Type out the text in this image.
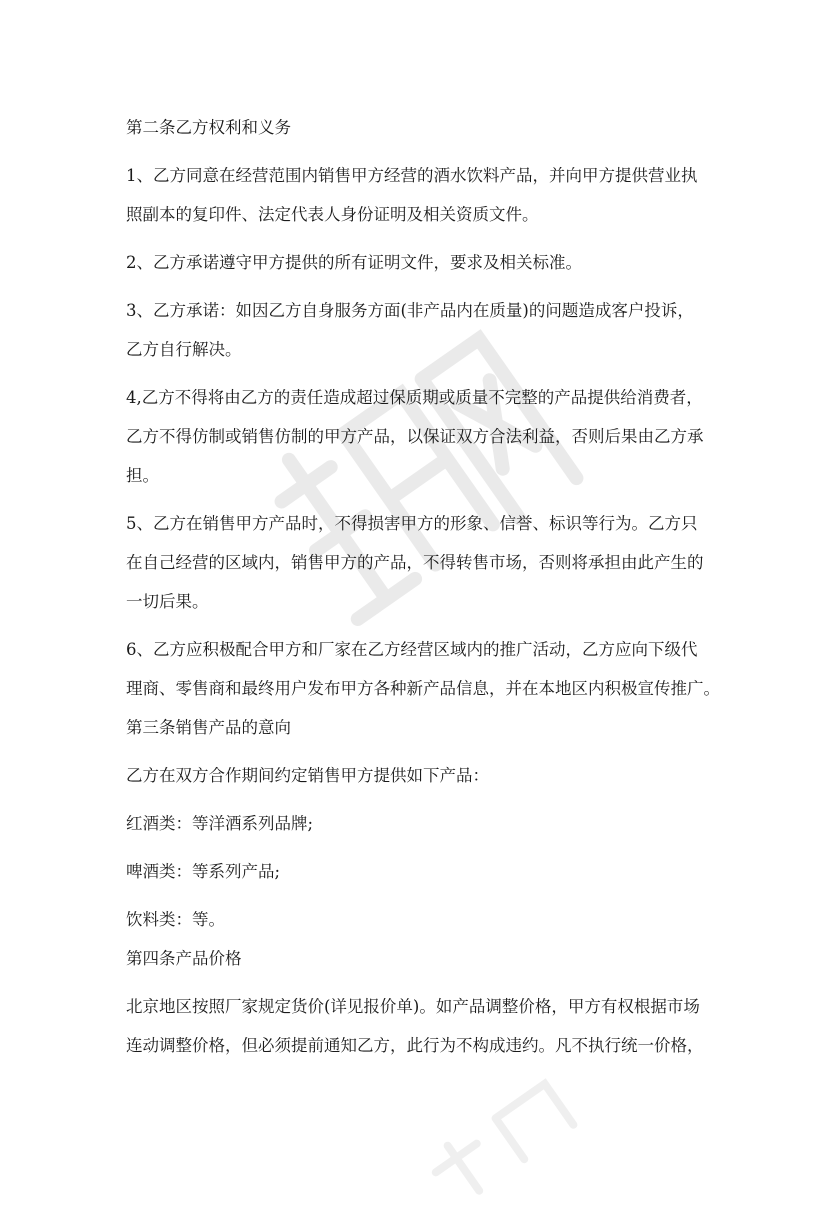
第二条乙方权利和义务
1、乙方同意在经营范围内销售甲方经营的酒水饮料产品，并向甲方提供营业执
照副本的复印件、法定代表人身份证明及相关资质文件。
2、乙方承诺遵守甲方提供的所有证明文件，要求及相关标准。
3、乙方承诺：如因乙方自身服务方面(非产品内在质量)的问题造成客户投诉，
乙方自行解决。
4,乙方不得将由乙方的责任造成超过保质期或质量不完整的产品提供给消费者，
乙方不得仿制或销售仿制的甲方产品，以保证双方合法利益，否则后果由乙方承
担。
5、乙方在销售甲方产品时，不得损害甲方的形象、信誉、标识等行为。乙方只
在自己经营的区域内，销售甲方的产品，不得转售市场，否则将承担由此产生的
一切后果。
6、乙方应积极配合甲方和厂家在乙方经营区域内的推广活动，乙方应向下级代
理商、零售商和最终用户发布甲方各种新产品信息，并在本地区内积极宣传推广。
第三条销售产品的意向
乙方在双方合作期间约定销售甲方提供如下产品：
红酒类：等洋酒系列品牌;
啤酒类：等系列产品;
饮料类：等。
第四条产品价格
北京地区按照厂家规定货价(详见报价单)。如产品调整价格，甲方有权根据市场
连动调整价格，但必须提前通知乙方，此行为不构成违约。凡不执行统一价格，
